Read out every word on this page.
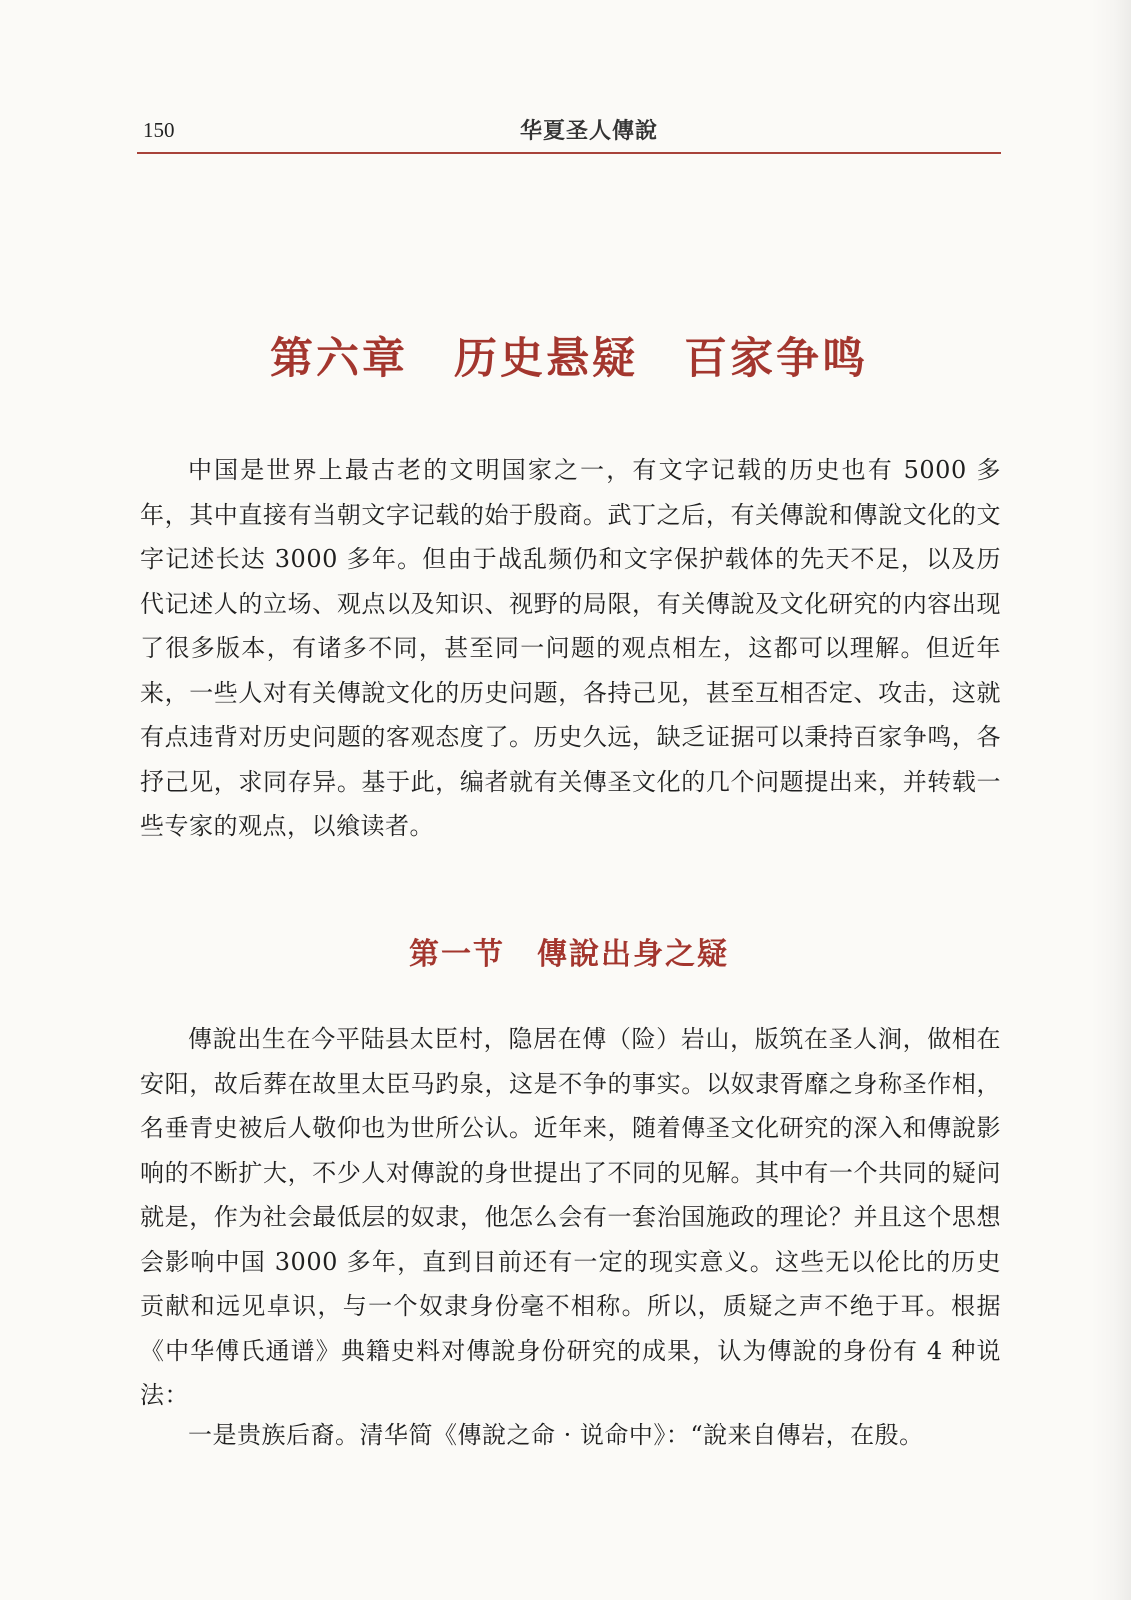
150	华夏圣人傳說
第六章　历史悬疑　百家争鸣

中国是世界上最古老的文明国家之一，有文字记载的历史也有 5000 多年，其中直接有当朝文字记载的始于殷商。武丁之后，有关傳說和傳說文化的文字记述长达 3000 多年。但由于战乱频仍和文字保护载体的先天不足，以及历代记述人的立场、观点以及知识、视野的局限，有关傳說及文化研究的内容出现了很多版本，有诸多不同，甚至同一问题的观点相左，这都可以理解。但近年来，一些人对有关傳說文化的历史问题，各持己见，甚至互相否定、攻击，这就有点违背对历史问题的客观态度了。历史久远，缺乏证据可以秉持百家争鸣，各抒己见，求同存异。基于此，编者就有关傳圣文化的几个问题提出来，并转载一些专家的观点，以飨读者。

第一节　傳說出身之疑

傳說出生在今平陆县太臣村，隐居在傅（险）岩山，版筑在圣人涧，做相在安阳，故后葬在故里太臣马趵泉，这是不争的事实。以奴隶胥靡之身称圣作相，名垂青史被后人敬仰也为世所公认。近年来，随着傳圣文化研究的深入和傳說影响的不断扩大，不少人对傳說的身世提出了不同的见解。其中有一个共同的疑问就是，作为社会最低层的奴隶，他怎么会有一套治国施政的理论？并且这个思想会影响中国 3000 多年，直到目前还有一定的现实意义。这些无以伦比的历史贡献和远见卓识，与一个奴隶身份毫不相称。所以，质疑之声不绝于耳。根据《中华傅氏通谱》典籍史料对傳說身份研究的成果，认为傳說的身份有 4 种说法：

一是贵族后裔。清华简《傳說之命 · 说命中》：“說来自傳岩，在殷。
